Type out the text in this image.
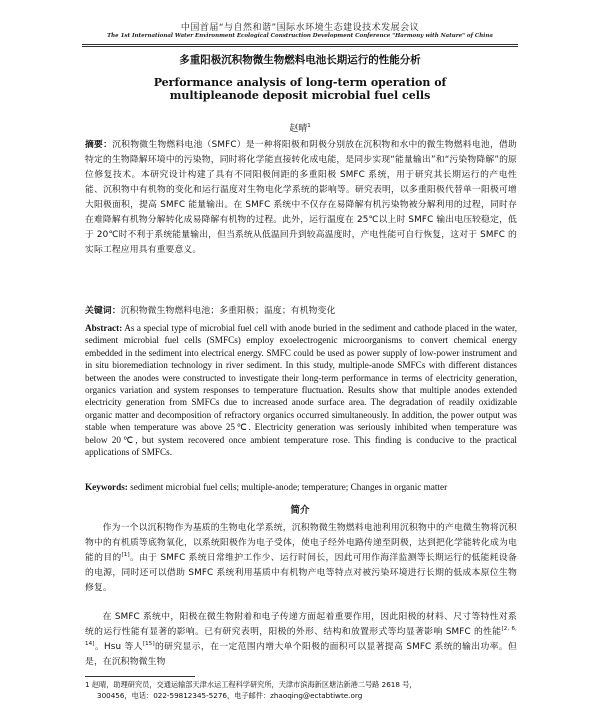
中国首届“与自然和谐”国际水环境生态建设技术发展会议
The 1st International Water Environment Ecological Construction Development Conference "Harmony with Nature" of China
多重阳极沉积物微生物燃料电池长期运行的性能分析
Performance analysis of long-term operation of multipleanode deposit microbial fuel cells
赵晴$^1$

摘要：沉积物微生物燃料电池（SMFC）是一种将阳极和阴极分别放在沉积物和水中的微生物燃料电池，借助特定的生物降解环境中的污染物，同时将化学能直接转化成电能，是同步实现“能量输出”和“污染物降解”的原位修复技术。本研究设计构建了具有不同阳极间距的多重阳极 SMFC 系统，用于研究其长期运行的产电性能、沉积物中有机物的变化和运行温度对生物电化学系统的影响等。研究表明，以多重阳极代替单一阳极可增大阳极面积，提高 SMFC 能量输出。在 SMFC 系统中不仅存在易降解有机污染物被分解利用的过程，同时存在难降解有机物分解转化成易降解有机物的过程。此外，运行温度在 25℃以上时 SMFC 输出电压较稳定，低于 20℃时不利于系统能量输出，但当系统从低温回升到较高温度时，产电性能可自行恢复，这对于 SMFC 的实际工程应用具有重要意义。

关键词：沉积物微生物燃料电池；多重阳极；温度；有机物变化

Abstract: As a special type of microbial fuel cell with anode buried in the sediment and cathode placed in the water, sediment microbial fuel cells (SMFCs) employ exoelectrogenic microorganisms to convert chemical energy embedded in the sediment into electrical energy. SMFC could be used as power supply of low-power instrument and in situ bioremediation technology in river sediment. In this study, multiple-anode SMFCs with different distances between the anodes were constructed to investigate their long-term performance in terms of electricity generation, organics variation and system responses to temperature fluctuation. Results show that multiple anodes extended electricity generation from SMFCs due to increased anode surface area. The degradation of readily oxidizable organic matter and decomposition of refractory organics occurred simultaneously. In addition, the power output was stable when temperature was above 25℃. Electricity generation was seriously inhibited when temperature was below 20℃, but system recovered once ambient temperature rose. This finding is conducive to the practical applications of SMFCs.

Keywords: sediment microbial fuel cells; multiple-anode; temperature; Changes in organic matter

简介

作为一个以沉积物作为基质的生物电化学系统，沉积物微生物燃料电池利用沉积物中的产电微生物将沉积物中的有机质等底物氧化，以系统阳极作为电子受体，使电子经外电路传递至阴极，达到把化学能转化成为电能的目的[1]。由于 SMFC 系统日常维护工作少、运行时间长，因此可用作海洋监测等长期运行的低能耗设备的电源，同时还可以借助 SMFC 系统利用基质中有机物产电等特点对被污染环境进行长期的低成本原位生物修复。

在 SMFC 系统中，阳极在微生物附着和电子传递方面起着重要作用，因此阳极的材料、尺寸等特性对系统的运行性能有显著的影响。已有研究表明，阳极的外形、结构和放置形式等均显著影响 SMFC 的性能[2, 6, 14]。Hsu 等人[15]的研究显示，在一定范围内增大单个阳极的面积可以显著提高 SMFC 系统的输出功率。但是，在沉积物微生物

1 赵晴，助理研究员，交通运输部天津水运工程科学研究所，天津市滨海新区塘沽新港二号路 2618 号，
300456，电话：022-59812345-5276，电子邮件：zhaoqing@ectabtiwte.org
